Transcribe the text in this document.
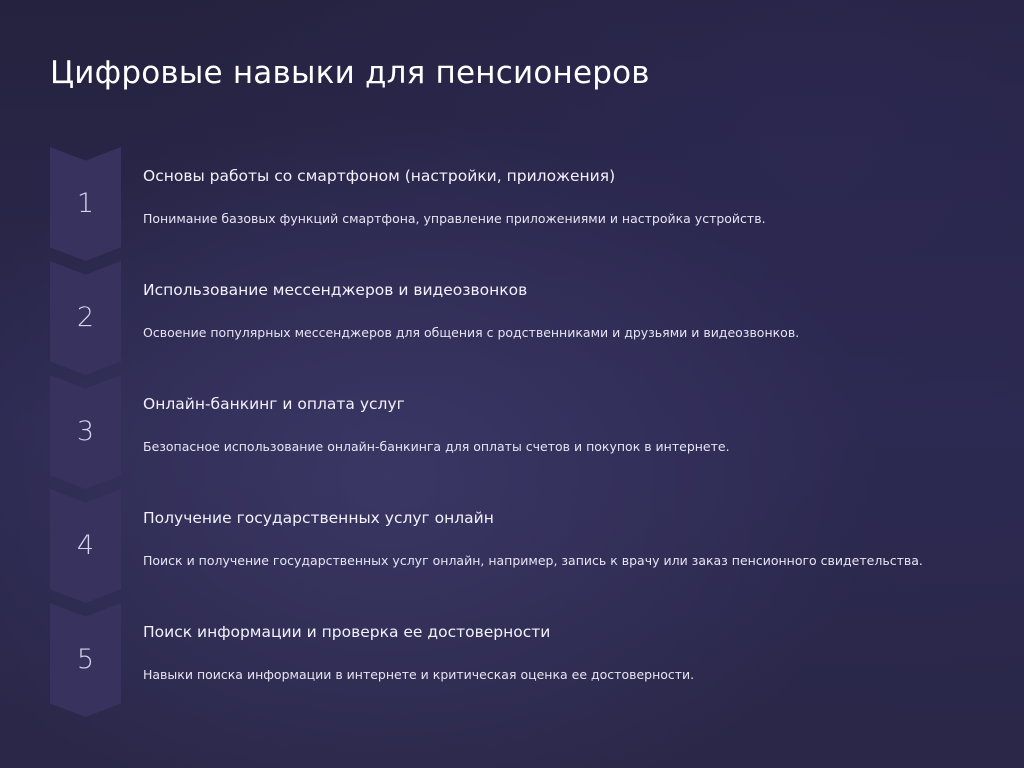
Цифровые навыки для пенсионеров
1
Основы работы со смартфоном (настройки, приложения)

Понимание базовых функций смартфона, управление приложениями и настройка устройств.

2
Использование мессенджеров и видеозвонков

Освоение популярных мессенджеров для общения с родственниками и друзьями и видеозвонков.

3
Онлайн-банкинг и оплата услуг

Безопасное использование онлайн-банкинга для оплаты счетов и покупок в интернете.

4
Получение государственных услуг онлайн

Поиск и получение государственных услуг онлайн, например, запись к врачу или заказ пенсионного свидетельства.

5
Поиск информации и проверка ее достоверности

Навыки поиска информации в интернете и критическая оценка ее достоверности.
